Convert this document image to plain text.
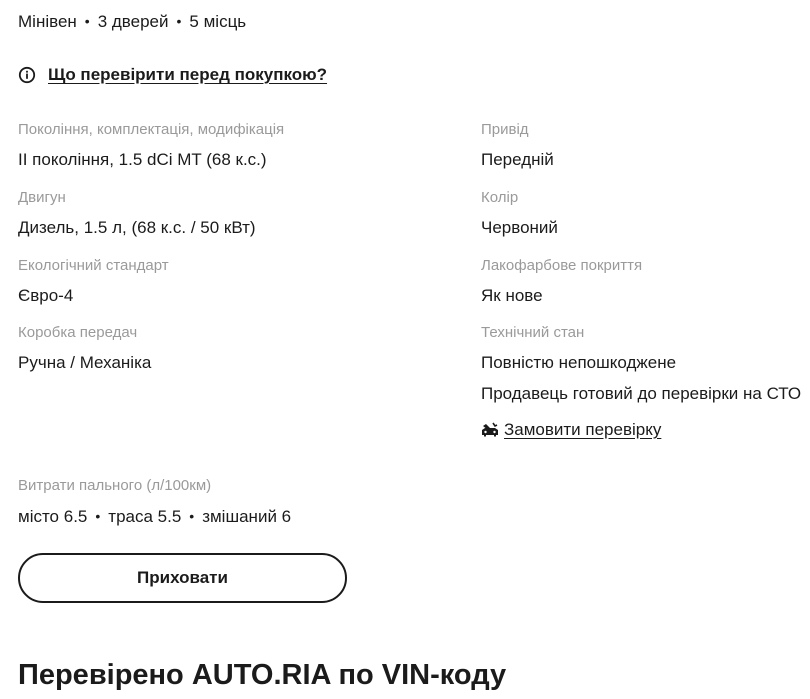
Мінівен • 3 дверей • 5 місць
Що перевірити перед покупкою?
Покоління, комплектація, модифікація
II покоління, 1.5 dCi MT (68 к.с.)
Двигун
Дизель, 1.5 л, (68 к.с. / 50 кВт)
Екологічний стандарт
Євро-4
Коробка передач
Ручна / Механіка
Привід
Передній
Колір
Червоний
Лакофарбове покриття
Як нове
Технічний стан
Повністю непошкоджене
Продавець готовий до перевірки на СТО
Замовити перевірку
Витрати пального (л/100км)
місто 6.5 • траса 5.5 • змішаний 6
Приховати
Перевірено AUTO.RIA по VIN-коду
